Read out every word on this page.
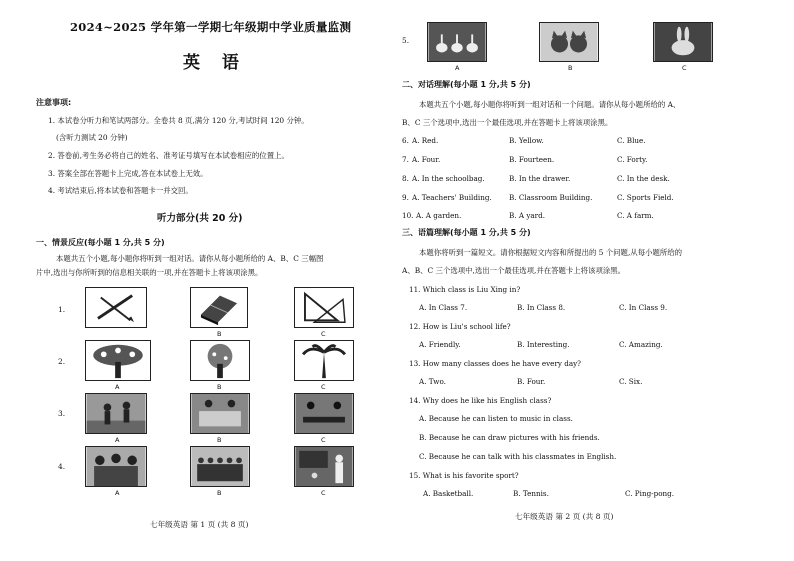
2024~2025 学年第一学期七年级期中学业质量监测
英 语
注意事项:
1. 本试卷分听力和笔试两部分。全卷共 8 页,满分 120 分,考试时间 120 分钟。
(含听力测试 20 分钟)
2. 答卷前,考生务必将自己的姓名、准考证号填写在本试卷相应的位置上。
3. 答案全部在答题卡上完成,答在本试卷上无效。
4. 考试结束后,将本试卷和答题卡一并交回。
听力部分(共 20 分)
一、情景反应(每小题 1 分,共 5 分)
本题共五个小题,每小题你将听到一组对话。请你从每小题所给的 A、B、C 三幅图
片中,选出与你所听到的信息相关联的一项,并在答题卡上将该项涂黑。
1.
B	C
2.
A	B	C
3.
A	B	C
4.
A	B	C
七年级英语 第 1 页 (共 8 页)
5.
A	B	C
二、对话理解(每小题 1 分,共 5 分)
本题共五个小题,每小题你将听到一组对话和一个问题。请你从每小题所给的 A、
B、C 三个选项中,选出一个最佳选项,并在答题卡上将该项涂黑。
6. A. Red.	B. Yellow.	C. Blue.
7. A. Four.	B. Fourteen.	C. Forty.
8. A. In the schoolbag.	B. In the drawer.	C. In the desk.
9. A. Teachers' Building. B. Classroom Building.	C. Sports Field.
10. A. A garden.	B. A yard.	C. A farm.
三、语篇理解(每小题 1 分,共 5 分)
本题你将听到一篇短文。请你根据短文内容和所提出的 5 个问题,从每小题所给的
A、B、C 三个选项中,选出一个最佳选项,并在答题卡上将该项涂黑。
11. Which class is Liu Xing in?
A. In Class 7.	B. In Class 8.	C. In Class 9.
12. How is Liu's school life?
A. Friendly.	B. Interesting.	C. Amazing.
13. How many classes does he have every day?
A. Two.	B. Four.	C. Six.
14. Why does he like his English class?
A. Because he can listen to music in class.
B. Because he can draw pictures with his friends.
C. Because he can talk with his classmates in English.
15. What is his favorite sport?
A. Basketball.	B. Tennis.	C. Ping-pong.
七年级英语 第 2 页 (共 8 页)
